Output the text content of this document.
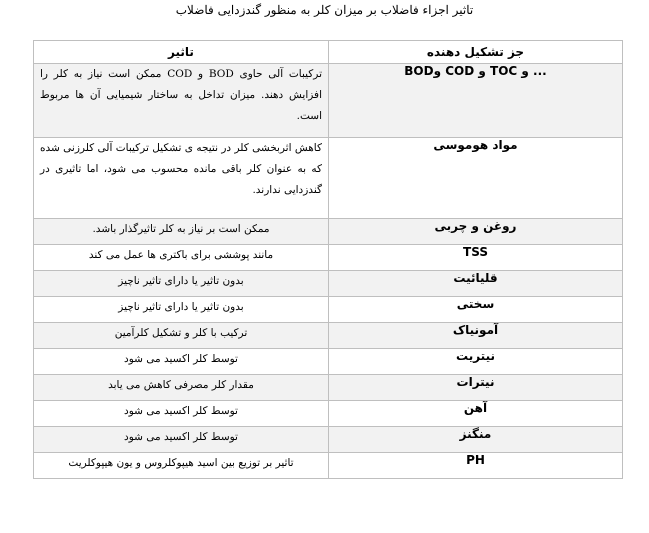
تاثیر اجزاء فاضلاب بر میزان کلر به منظور گندزدایی فاضلاب
جز تشکیل دهنده	تاثیر
BODو COD و TOC و ...	ترکیبات آلی حاوی BOD و COD ممکن است نیاز به کلر را افزایش دهند. میزان تداخل به ساختار شیمیایی آن ها مربوط است.
مواد هوموسی	کاهش اثربخشی کلر در نتیجه ی تشکیل ترکیبات آلی کلرزنی شده که به عنوان کلر باقی مانده محسوب می شود، اما تاثیری در گندزدایی ندارند.
روغن و چربی	ممکن است بر نیاز به کلر تاثیرگذار باشد.
TSS	مانند پوششی برای باکتری ها عمل می کند
قلیائیت	بدون تاثیر یا دارای تاثیر ناچیز
سختی	بدون تاثیر یا دارای تاثیر ناچیز
آمونیاک	ترکیب با کلر و تشکیل کلرآمین
نیتریت	توسط کلر اکسید می شود
نیترات	مقدار کلر مصرفی کاهش می یابد
آهن	توسط کلر اکسید می شود
منگنز	توسط کلر اکسید می شود
PH	تاثیر بر توزیع بین اسید هیپوکلروس و یون هیپوکلریت
